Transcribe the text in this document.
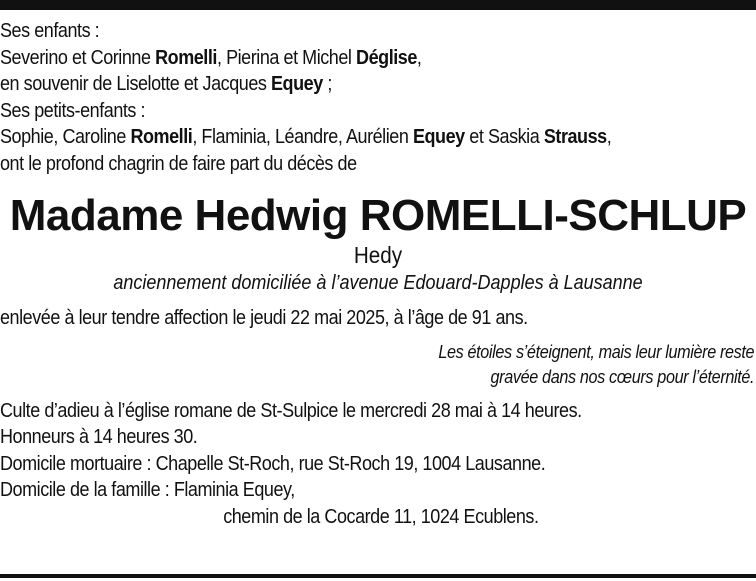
Ses enfants :
Severino et Corinne Romelli, Pierina et Michel Déglise,
en souvenir de Liselotte et Jacques Equey ;
Ses petits-enfants :
Sophie, Caroline Romelli, Flaminia, Léandre, Aurélien Equey et Saskia Strauss,
ont le profond chagrin de faire part du décès de
Madame Hedwig ROMELLI-SCHLUP
Hedy
anciennement domiciliée à l’avenue Edouard-Dapples à Lausanne
enlevée à leur tendre affection le jeudi 22 mai 2025, à l’âge de 91 ans.
Les étoiles s’éteignent, mais leur lumière reste
gravée dans nos cœurs pour l’éternité.
Culte d’adieu à l’église romane de St-Sulpice le mercredi 28 mai à 14 heures.
Honneurs à 14 heures 30.
Domicile mortuaire : Chapelle St-Roch, rue St-Roch 19, 1004 Lausanne.
Domicile de la famille : Flaminia Equey,
chemin de la Cocarde 11, 1024 Ecublens.
